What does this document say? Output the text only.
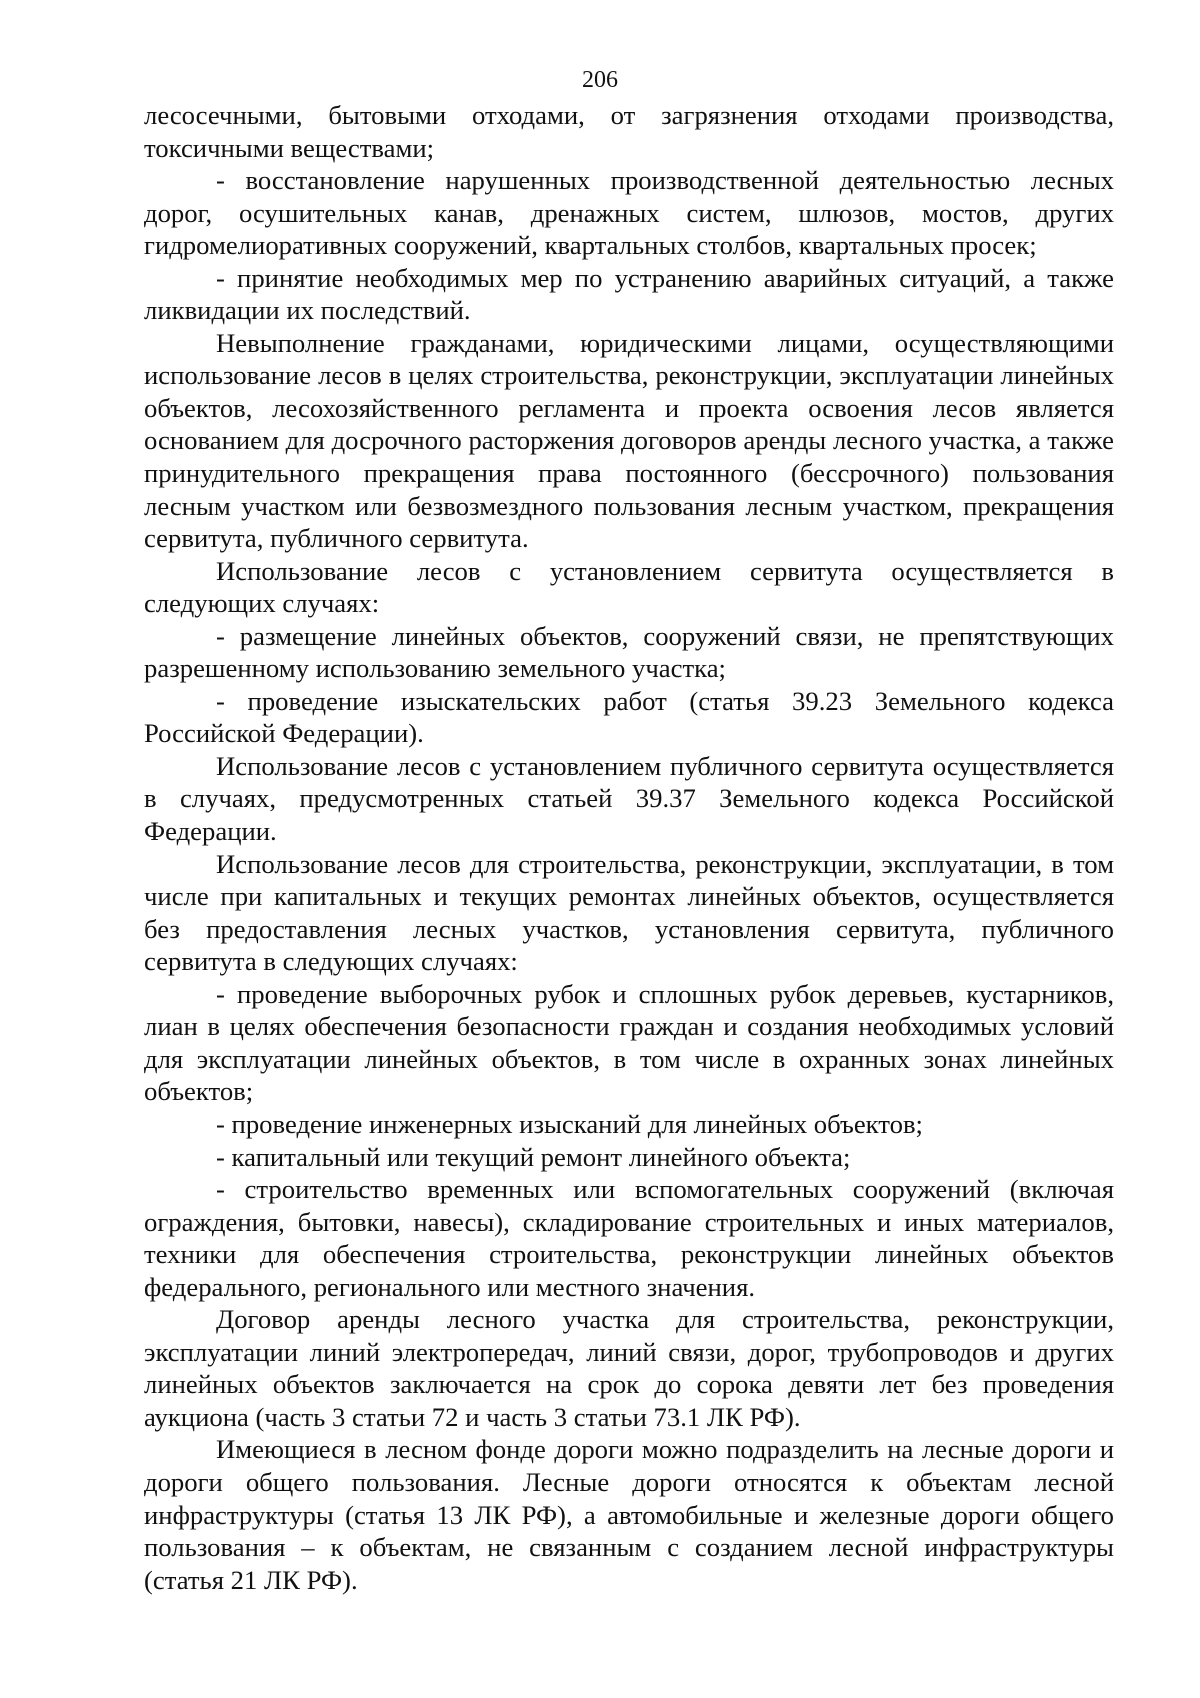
206

лесосечными, бытовыми отходами, от загрязнения отходами производства, токсичными веществами;

- восстановление нарушенных производственной деятельностью лесных дорог, осушительных канав, дренажных систем, шлюзов, мостов, других гидромелиоративных сооружений, квартальных столбов, квартальных просек;

- принятие необходимых мер по устранению аварийных ситуаций, а также ликвидации их последствий.

Невыполнение гражданами, юридическими лицами, осуществляющими использование лесов в целях строительства, реконструкции, эксплуатации линейных объектов, лесохозяйственного регламента и проекта освоения лесов является основанием для досрочного расторжения договоров аренды лесного участка, а также принудительного прекращения права постоянного (бессрочного) пользования лесным участком или безвозмездного пользования лесным участком, прекращения сервитута, публичного сервитута.

Использование лесов с установлением сервитута осуществляется в следующих случаях:

- размещение линейных объектов, сооружений связи, не препятствующих разрешенному использованию земельного участка;

- проведение изыскательских работ (статья 39.23 Земельного кодекса Российской Федерации).

Использование лесов с установлением публичного сервитута осуществляется в случаях, предусмотренных статьей 39.37 Земельного кодекса Российской Федерации.

Использование лесов для строительства, реконструкции, эксплуатации, в том числе при капитальных и текущих ремонтах линейных объектов, осуществляется без предоставления лесных участков, установления сервитута, публичного сервитута в следующих случаях:

- проведение выборочных рубок и сплошных рубок деревьев, кустарников, лиан в целях обеспечения безопасности граждан и создания необходимых условий для эксплуатации линейных объектов, в том числе в охранных зонах линейных объектов;

- проведение инженерных изысканий для линейных объектов;

- капитальный или текущий ремонт линейного объекта;

- строительство временных или вспомогательных сооружений (включая ограждения, бытовки, навесы), складирование строительных и иных материалов, техники для обеспечения строительства, реконструкции линейных объектов федерального, регионального или местного значения.

Договор аренды лесного участка для строительства, реконструкции, эксплуатации линий электропередач, линий связи, дорог, трубопроводов и других линейных объектов заключается на срок до сорока девяти лет без проведения аукциона (часть 3 статьи 72 и часть 3 статьи 73.1 ЛК РФ).

Имеющиеся в лесном фонде дороги можно подразделить на лесные дороги и дороги общего пользования. Лесные дороги относятся к объектам лесной инфраструктуры (статья 13 ЛК РФ), а автомобильные и железные дороги общего пользования – к объектам, не связанным с созданием лесной инфраструктуры (статья 21 ЛК РФ).
